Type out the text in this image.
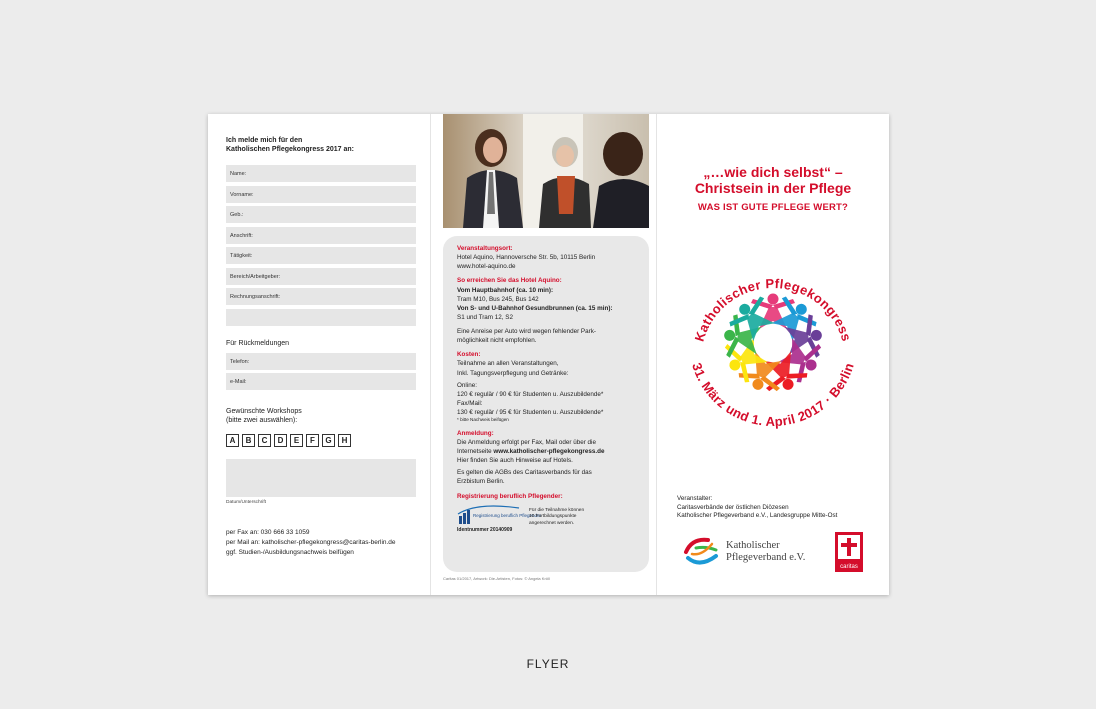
Ich melde mich für den
Katholischen Pflegekongress 2017 an:
Name:
Vorname:
Geb.:
Anschrift:
Tätigkeit:
Bereich/Arbeitgeber:
Rechnungsanschrift:
Für Rückmeldungen
Telefon:
e-Mail:
Gewünschte Workshops
(bitte zwei auswählen):
A	B	C	D	E	F	G	H
Datum/Unterschrift
per Fax an: 030 666 33 1059
per Mail an: katholischer-pflegekongress@caritas-berlin.de
ggf. Studien-/Ausbildungsnachweis beifügen
Veranstaltungsort:
Hotel Aquino, Hannoversche Str. 5b, 10115 Berlin
www.hotel-aquino.de
So erreichen Sie das Hotel Aquino:
Vom Hauptbahnhof (ca. 10 min):
Tram M10, Bus 245, Bus 142
Von S- und U-Bahnhof Gesundbrunnen (ca. 15 min):
S1 und Tram 12, S2
Eine Anreise per Auto wird wegen fehlender Park-
möglichkeit nicht empfohlen.
Kosten:
Teilnahme an allen Veranstaltungen,
Inkl. Tagungsverpflegung und Getränke:
Online:
120 € regulär / 90 € für Studenten u. Auszubildende*
Fax/Mail:
130 € regulär / 95 € für Studenten u. Auszubildende*
* bitte Nachweis beifügen
Anmeldung:
Die Anmeldung erfolgt per Fax, Mail oder über die
Internetseite www.katholischer-pflegekongress.de
Hier finden Sie auch Hinweise auf Hotels.
Es gelten die AGBs des Caritasverbands für das
Erzbistum Berlin.
Registrierung beruflich Pflegender:
Registrierung beruflich Pflegender
Identnummer 20140909
Für die Teilnahme können
10 Fortbildungspunkte
angerechnet werden.
Caritas 01/2017, Artwork: Die-Artisten, Fotos: © Angela Kröll
„…wie dich selbst“ –
Christsein in der Pflege
WAS IST GUTE PFLEGE WERT?
Katholischer Pflegekongress
31. März und 1. April 2017 · Berlin
Veranstalter:
Caritasverbände der östlichen Diözesen
Katholischer Pflegeverband e.V., Landesgruppe Mitte-Ost
Katholischer
Pflegeverband e.V.
caritas
FLYER
